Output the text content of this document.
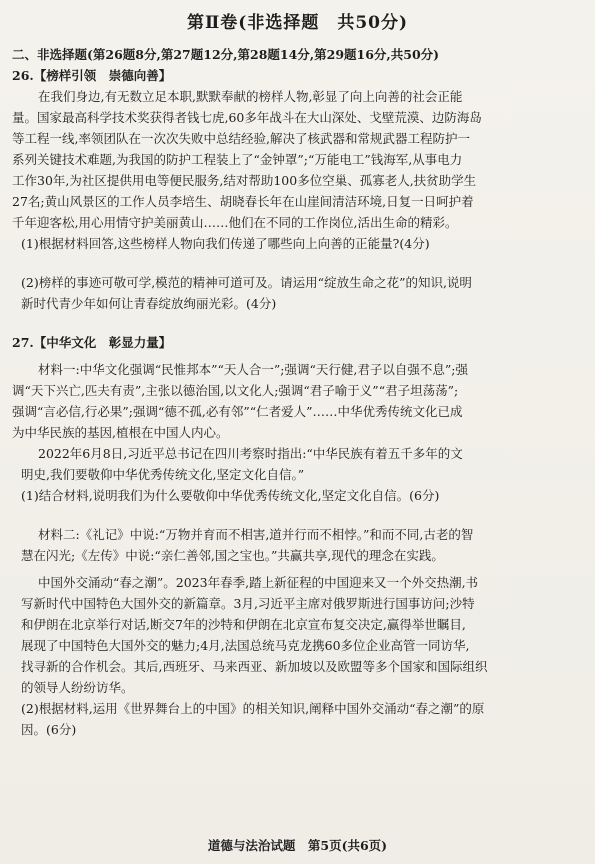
第Ⅱ卷(非选择题　共50分)
二、非选择题(第26题8分,第27题12分,第28题14分,第29题16分,共50分)
26.【榜样引领　崇德向善】
在我们身边,有无数立足本职,默默奉献的榜样人物,彰显了向上向善的社会正能
量。国家最高科学技术奖获得者钱七虎,60多年战斗在大山深处、戈壁荒漠、边防海岛
等工程一线,率领团队在一次次失败中总结经验,解决了核武器和常规武器工程防护一
系列关键技术难题,为我国的防护工程装上了“金钟罩”;“万能电工”钱海军,从事电力
工作30年,为社区提供用电等便民服务,结对帮助100多位空巢、孤寡老人,扶贫助学生
27名;黄山风景区的工作人员李培生、胡晓春长年在山崖间清洁环境,日复一日呵护着
千年迎客松,用心用情守护美丽黄山……他们在不同的工作岗位,活出生命的精彩。
(1)根据材料回答,这些榜样人物向我们传递了哪些向上向善的正能量?(4分)
(2)榜样的事迹可敬可学,模范的精神可道可及。请运用“绽放生命之花”的知识,说明
新时代青少年如何让青春绽放绚丽光彩。(4分)
27.【中华文化　彰显力量】
材料一:中华文化强调“民惟邦本”“天人合一”;强调“天行健,君子以自强不息”;强
调“天下兴亡,匹夫有责”,主张以德治国,以文化人;强调“君子喻于义”“君子坦荡荡”;
强调“言必信,行必果”;强调“德不孤,必有邻”“仁者爱人”……中华优秀传统文化已成
为中华民族的基因,植根在中国人内心。
2022年6月8日,习近平总书记在四川考察时指出:“中华民族有着五千多年的文
明史,我们要敬仰中华优秀传统文化,坚定文化自信。”
(1)结合材料,说明我们为什么要敬仰中华优秀传统文化,坚定文化自信。(6分)
材料二:《礼记》中说:“万物并育而不相害,道并行而不相悖。”和而不同,古老的智
慧在闪光;《左传》中说:“亲仁善邻,国之宝也。”共赢共享,现代的理念在实践。
中国外交涌动“春之潮”。2023年春季,踏上新征程的中国迎来又一个外交热潮,书
写新时代中国特色大国外交的新篇章。3月,习近平主席对俄罗斯进行国事访问;沙特
和伊朗在北京举行对话,断交7年的沙特和伊朗在北京宣布复交决定,赢得举世瞩目,
展现了中国特色大国外交的魅力;4月,法国总统马克龙携60多位企业高管一同访华,
找寻新的合作机会。其后,西班牙、马来西亚、新加坡以及欧盟等多个国家和国际组织
的领导人纷纷访华。
(2)根据材料,运用《世界舞台上的中国》的相关知识,阐释中国外交涌动“春之潮”的原
因。(6分)
道德与法治试题　第5页(共6页)
